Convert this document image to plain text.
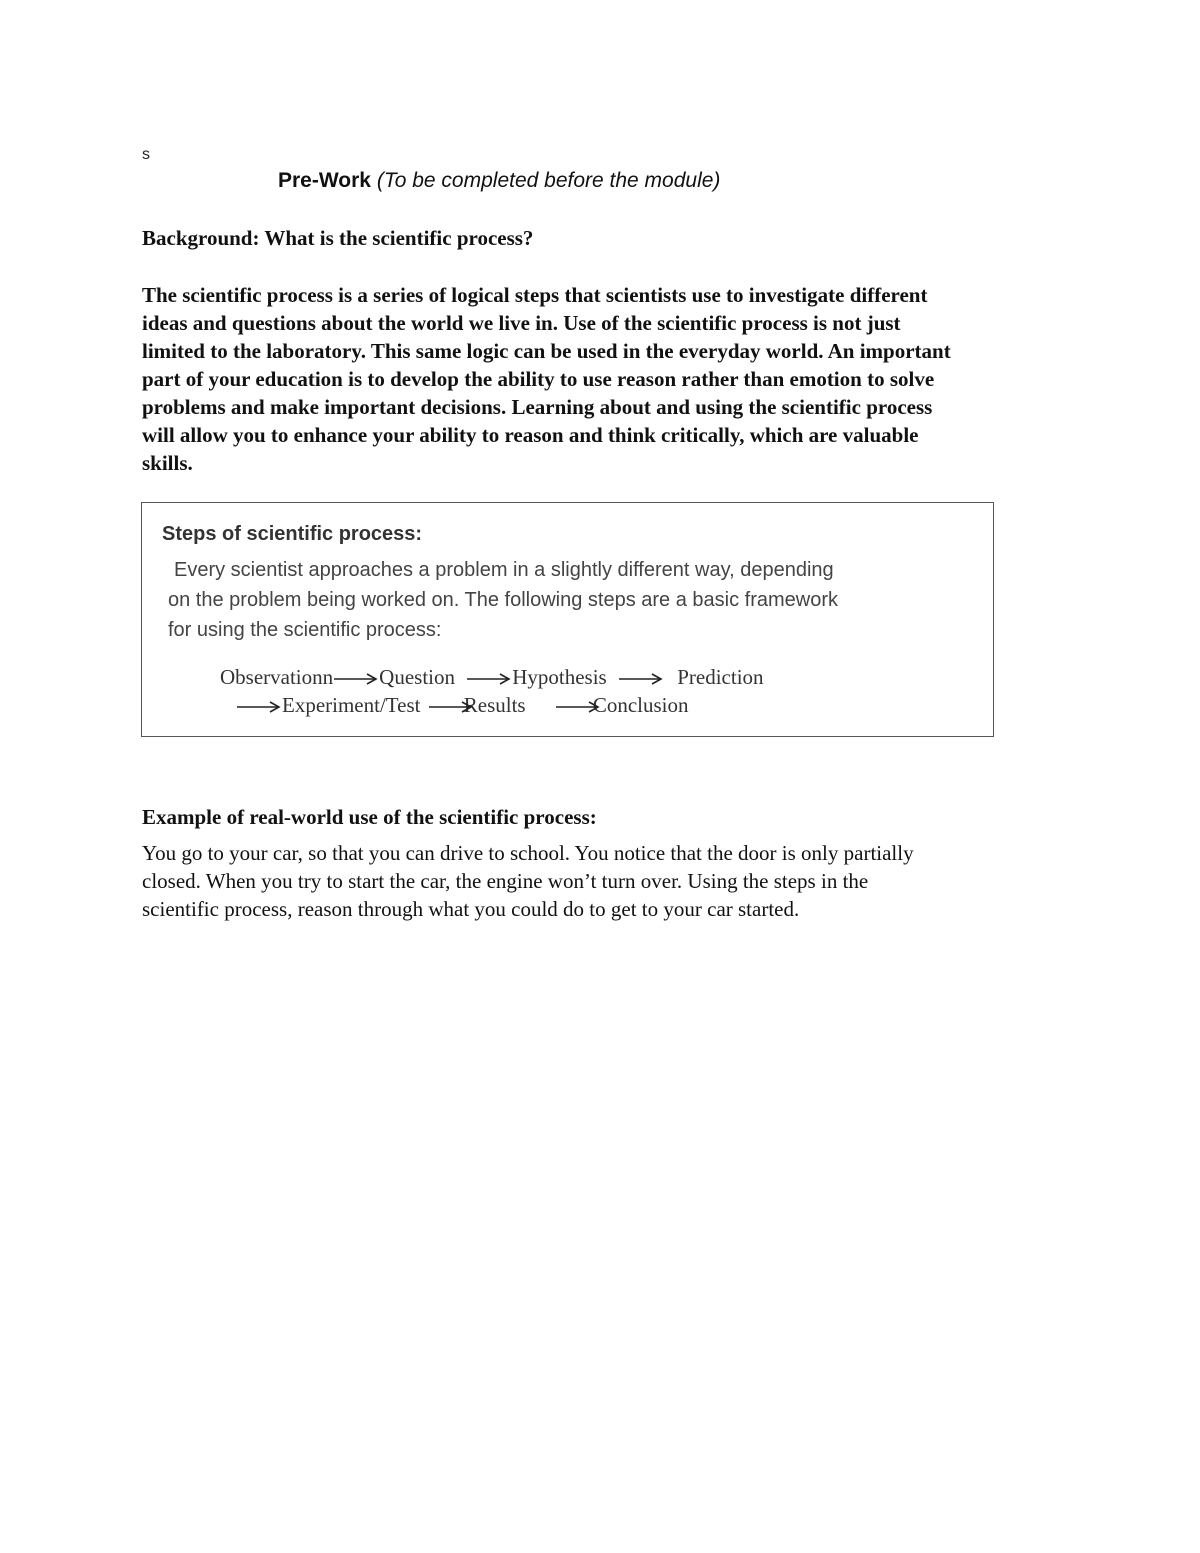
s
Pre-Work (To be completed before the module)
Background: What is the scientific process?
The scientific process is a series of logical steps that scientists use to investigate different
ideas and questions about the world we live in. Use of the scientific process is not just
limited to the laboratory. This same logic can be used in the everyday world. An important
part of your education is to develop the ability to use reason rather than emotion to solve
problems and make important decisions. Learning about and using the scientific process
will allow you to enhance your ability to reason and think critically, which are valuable
skills.
Steps of scientific process:
Every scientist approaches a problem in a slightly different way, depending
on the problem being worked on. The following steps are a basic framework
for using the scientific process:
Observationn Question	Hypothesis	Prediction
Experiment/Test Results	Conclusion
Example of real-world use of the scientific process:
You go to your car, so that you can drive to school. You notice that the door is only partially
closed. When you try to start the car, the engine won’t turn over. Using the steps in the
scientific process, reason through what you could do to get to your car started.
